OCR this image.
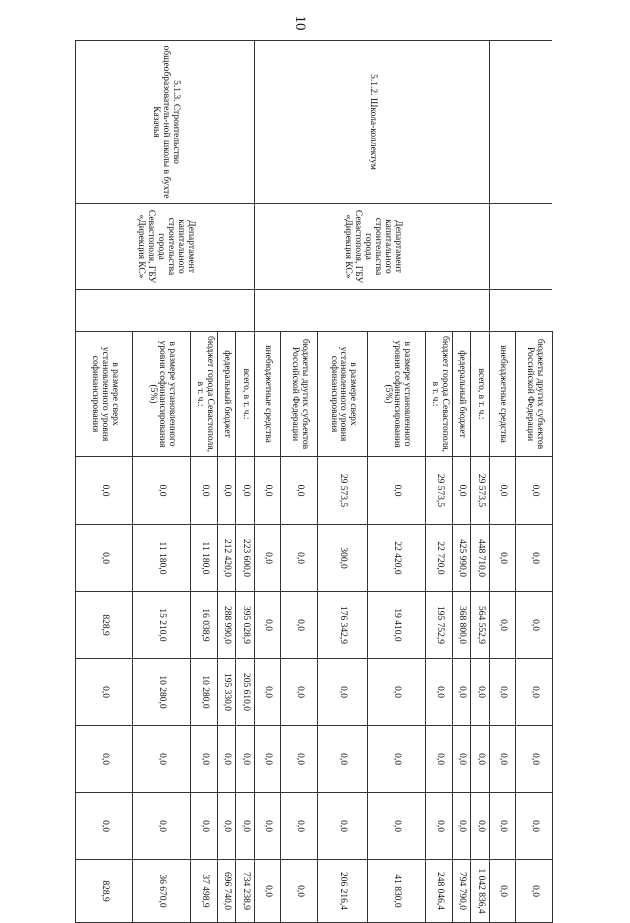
10
			бюджеты других субъектов Российской Федерации	0,0	0,0	0,0	0,0	0,0	0,0	0,0
			внебюджетные средства	0,0	0,0	0,0	0,0	0,0	0,0	0,0
5.1.2. Школа-коллектум	Департамент капитального строительства города Севастополя, ГБУ «Дирекция КС»		всего, в т. ч.:	29 573,5	448 710,0	564 552,9	0,0	0,0	0,0	1 042 836,4
			федеральный бюджет	0,0	425 990,0	368 800,0	0,0	0,0	0,0	794 790,0
			бюджет города Севастополя, в т. ч.:	29 573,5	22 720,0	195 752,9	0,0	0,0	0,0	248 046,4
			в размере установленного уровня софинансирования (5%)	0,0	22 420,0	19 410,0	0,0	0,0	0,0	41 830,0
			в размере сверх установленного уровня софинансирования	29 573,5	300,0	176 342,9	0,0	0,0	0,0	206 216,4
			бюджеты других субъектов Российской Федерации	0,0	0,0	0,0	0,0	0,0	0,0	0,0
			внебюджетные средства	0,0	0,0	0,0	0,0	0,0	0,0	0,0
5.1.3. Строительство общеобразователь-ной школы в бухте Казачья	Департамент капитального строительства города Севастополя, ГБУ «Дирекция КС»		всего, в т. ч.:	0,0	223 600,0	395 028,9	205 610,0	0,0	0,0	734 238,9
			федеральный бюджет	0,0	212 420,0	288 990,0	195 330,0	0,0	0,0	696 740,0
			бюджет города Севастополя, в т. ч.:	0,0	11 180,0	16 038,9	10 280,0	0,0	0,0	37 498,9
			в размере установленного уровня софинансирования (5%)	0,0	11 180,0	15 210,0	10 280,0	0,0	0,0	36 670,0
			в размере сверх установленного уровня софинансирования	0,0	0,0	828,9	0,0	0,0	0,0	828,9
